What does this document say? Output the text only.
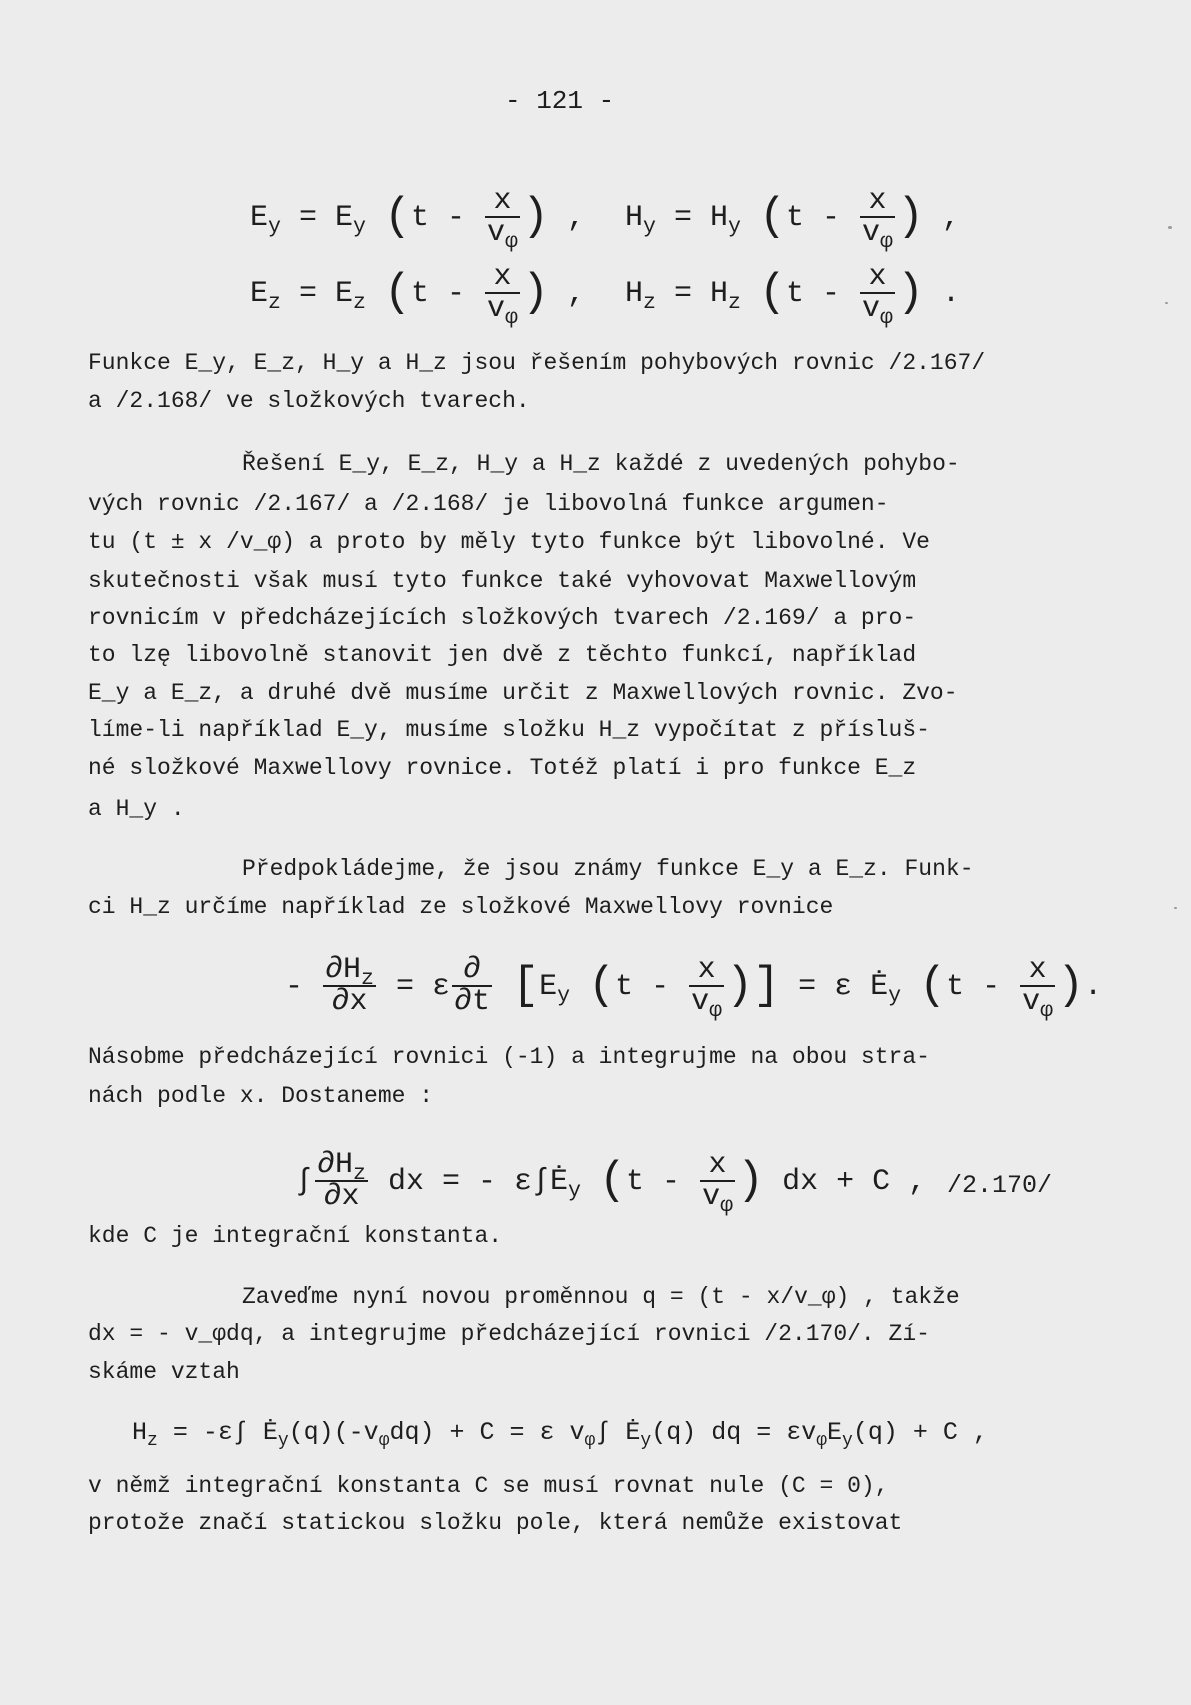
- 121 -
$E_y = E_y$ ($t - \frac{x}{v_\varphi}$ ) , $H_y = H_y$ ($t - \frac{x}{v_\varphi}$ ) ,
$E_z = E_z$ ($t - \frac{x}{v_\varphi}$ ) , $H_z = H_z$ ($t - \frac{x}{v_\varphi}$ ) .
Funkce E_y, E_z, H_y a H_z jsou řešením pohybových rovnic /2.167/
a /2.168/ ve složkových tvarech.
Řešení E_y, E_z, H_y a H_z každé z uvedených pohybo-
vých rovnic /2.167/ a /2.168/ je libovolná funkce argumen-
tu (t ± x /v_φ) a proto by měly tyto funkce být libovolné. Ve
skutečnosti však musí tyto funkce také vyhovovat Maxwellovým
rovnicím v předcházejících složkových tvarech /2.169/ a pro-
to lzę libovolně stanovit jen dvě z těchto funkcí, například
E_y a E_z, a druhé dvě musíme určit z Maxwellových rovnic. Zvo-
líme-li například E_y, musíme složku H_z vypočítat z přísluš-
né složkové Maxwellovy rovnice. Totéž platí i pro funkce E_z
a H_y .
Předpokládejme, že jsou známy funkce E_y a E_z. Funk-
ci H_z určíme například ze složkové Maxwellovy rovnice
- $\frac{\partial H_z}{\partial x} = \varepsilon \frac{\partial}{\partial t} [E_y$ ($t - \frac{x}{v_\varphi}$ )] = ε $Ė_y$ ($t - \frac{x}{v_\varphi}$ ).
Násobme předcházející rovnici (-1) a integrujme na obou stra-
nách podle x. Dostaneme :
∫ $\frac{\partial H_z}{\partial x}$ dx = - $\varepsilon\int Ė_y$ ($t - \frac{x}{v_\varphi}$ ) dx + C , /2.170/
kde C je integrační konstanta.
Zaveďme nyní novou proměnnou q = (t - x/v_φ) , takže
dx = - v_φdq, a integrujme předcházející rovnici /2.170/. Zí-
skáme vztah
$H_z = -\varepsilon\int$ $Ė_y(q)(-v_\varphi dq) + C = \varepsilon$ $v_\varphi\int$ $Ė_y(q)$ dq = $\varepsilon v_\varphi E_y(q) + C$ ,
v němž integrační konstanta C se musí rovnat nule (C = 0),
protože značí statickou složku pole, která nemůže existovat
